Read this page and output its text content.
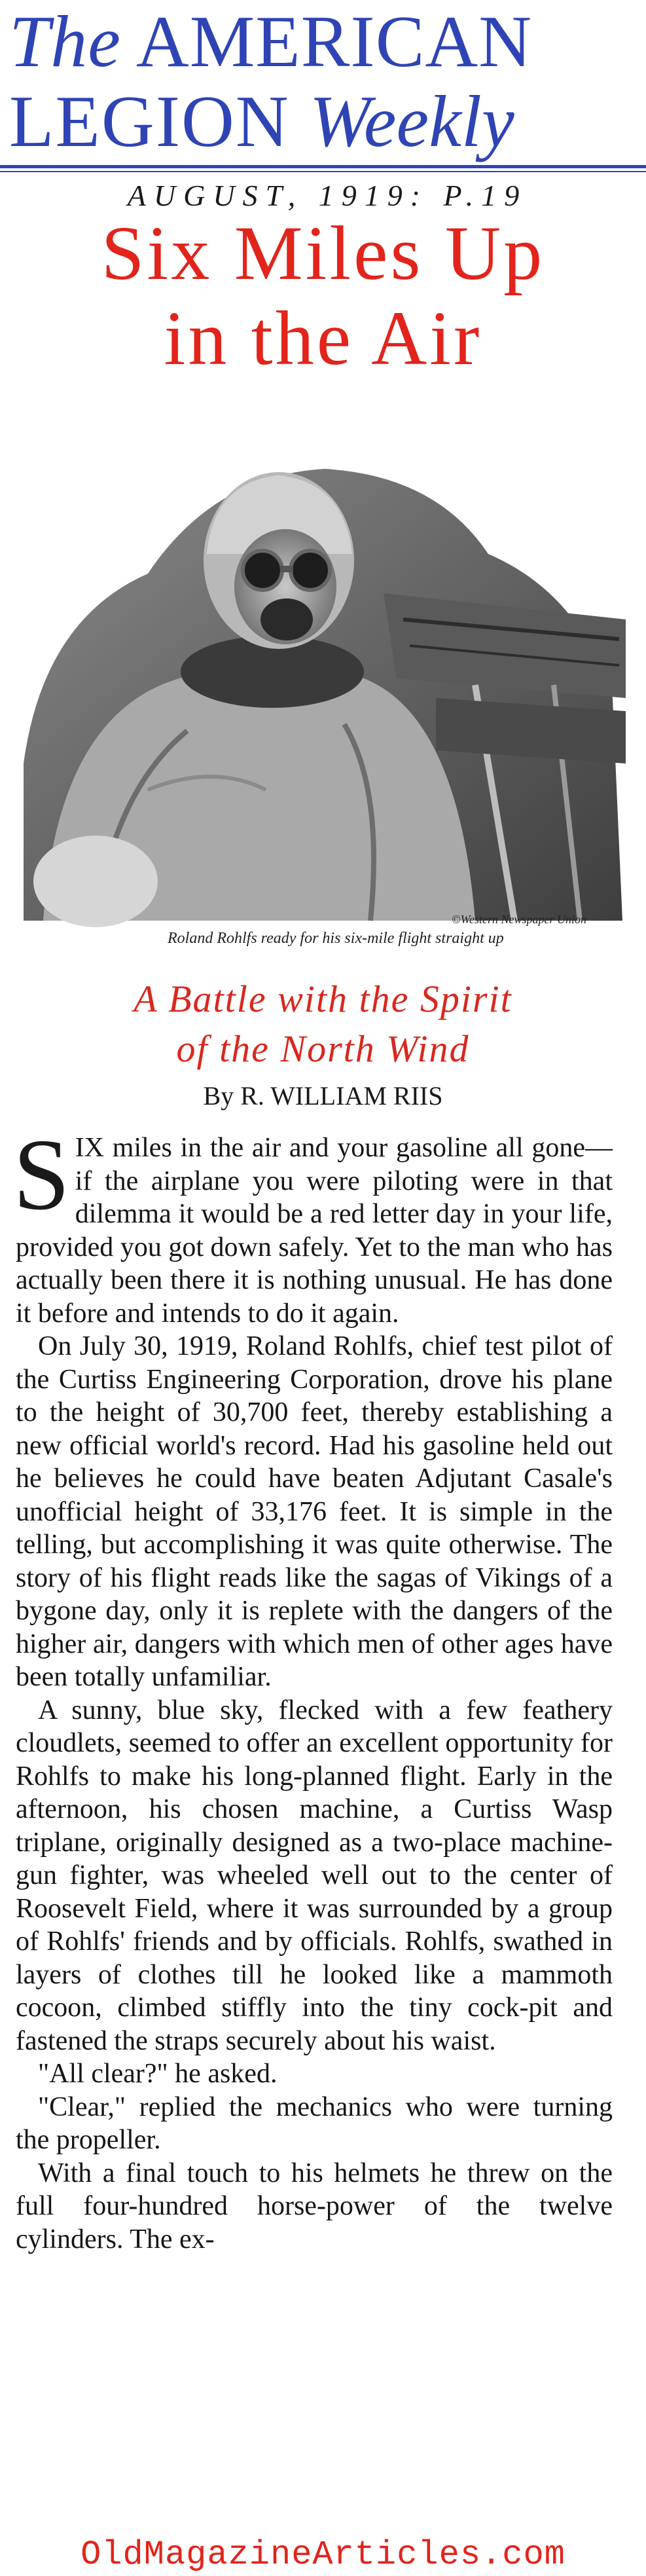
The AMERICAN
LEGION Weekly
AUGUST, 1919: P.19
Six Miles Up
in the Air
©Western Newspaper Union
Roland Rohlfs ready for his six-mile flight straight up
A Battle with the Spirit
of the North Wind
By R. WILLIAM RIIS

SIX miles in the air and your gasoline all gone—if the airplane you were piloting were in that dilemma it would be a red letter day in your life, provided you got down safely. Yet to the man who has actually been there it is nothing unusual. He has done it before and intends to do it again.

On July 30, 1919, Roland Rohlfs, chief test pilot of the Curtiss Engineering Corporation, drove his plane to the height of 30,700 feet, thereby establishing a new official world's record. Had his gasoline held out he believes he could have beaten Adjutant Casale's unofficial height of 33,176 feet. It is simple in the telling, but accomplishing it was quite otherwise. The story of his flight reads like the sagas of Vikings of a bygone day, only it is replete with the dangers of the higher air, dangers with which men of other ages have been totally unfamiliar.

A sunny, blue sky, flecked with a few feathery cloudlets, seemed to offer an excellent opportunity for Rohlfs to make his long-planned flight. Early in the afternoon, his chosen machine, a Curtiss Wasp triplane, originally designed as a two-place machine-gun fighter, was wheeled well out to the center of Roosevelt Field, where it was surrounded by a group of Rohlfs' friends and by officials. Rohlfs, swathed in layers of clothes till he looked like a mammoth cocoon, climbed stiffly into the tiny cock-pit and fastened the straps securely about his waist.

"All clear?" he asked.

"Clear," replied the mechanics who were turning the propeller.

With a final touch to his helmets he threw on the full four-hundred horse-power of the twelve cylinders. The ex-

OldMagazineArticles.com
